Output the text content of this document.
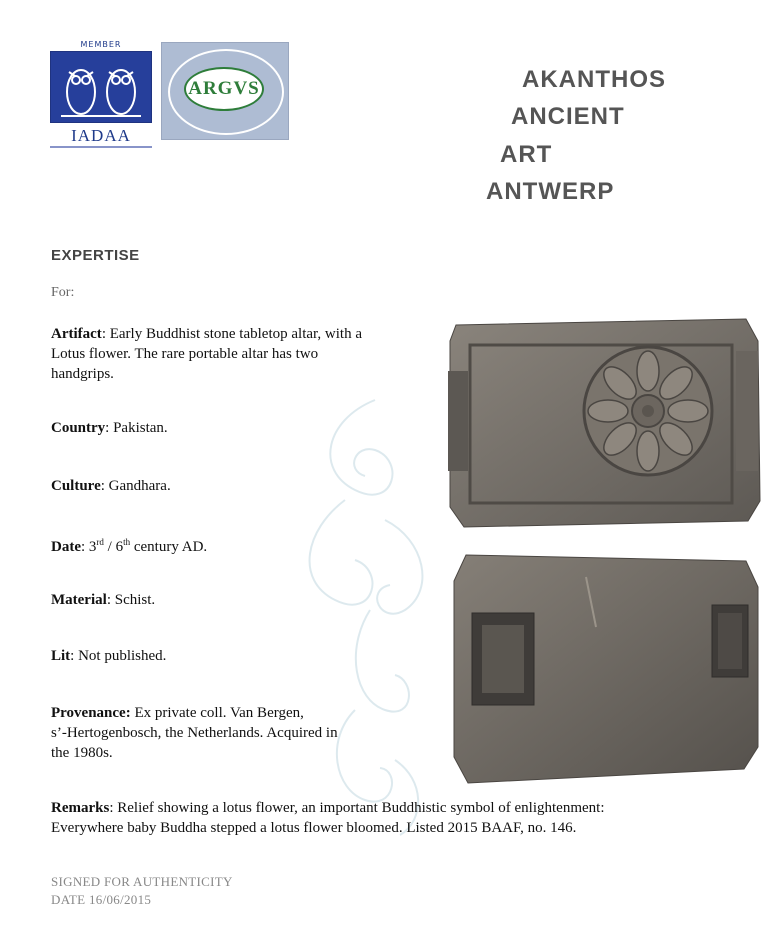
MEMBER
IADAA
ARGVS	AKANTHOS
ANCIENT
ART
ANTWERP
EXPERTISE
For:
Artifact: Early Buddhist stone tabletop altar, with a
Lotus flower. The rare portable altar has two
handgrips.
Country: Pakistan.
Culture: Gandhara.
Date: 3rd / 6th century AD.
Material: Schist.
Lit: Not published.
Provenance: Ex private coll. Van Bergen,
s’-Hertogenbosch, the Netherlands. Acquired in
the 1980s.
Remarks: Relief showing a lotus flower, an important Buddhistic symbol of enlightenment:
Everywhere baby Buddha stepped a lotus flower bloomed. Listed 2015 BAAF, no. 146.
SIGNED FOR AUTHENTICITY
DATE 16/06/2015
